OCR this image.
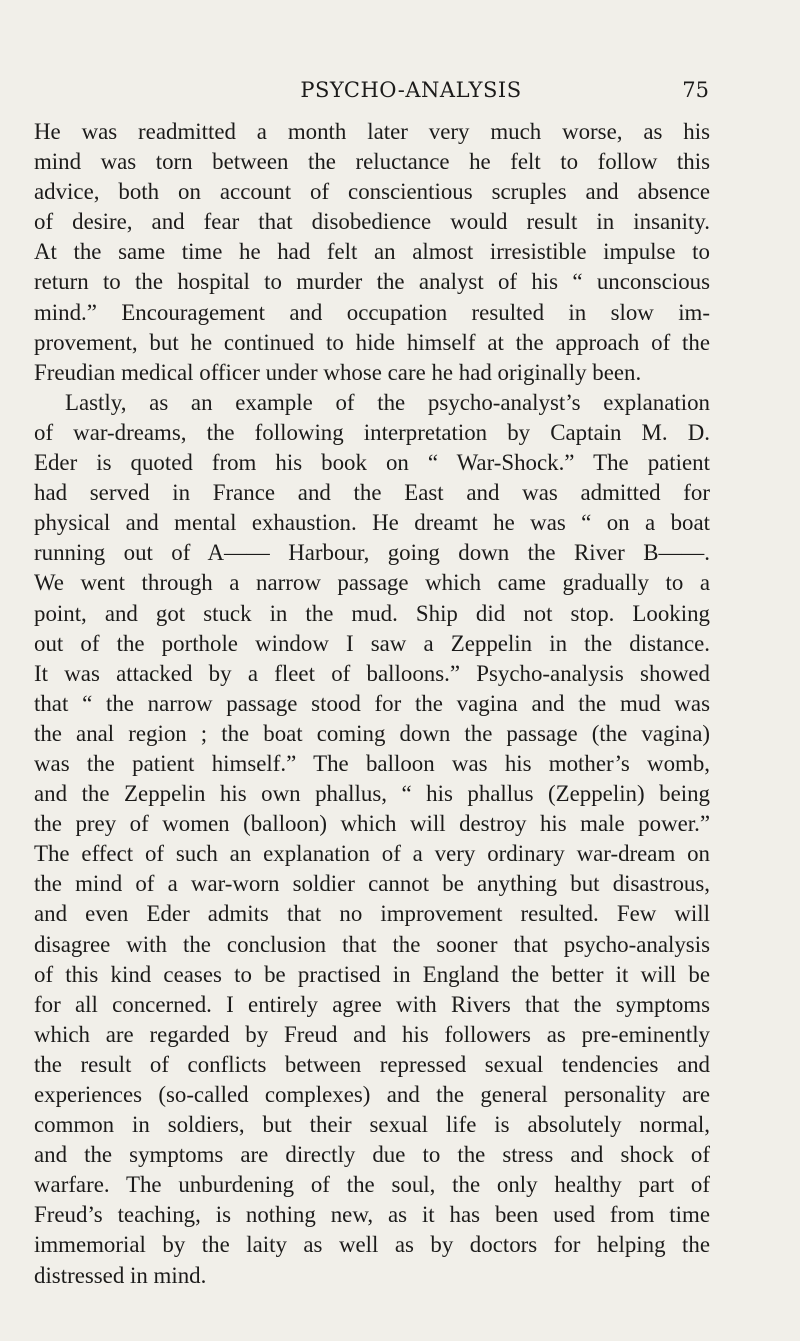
PSYCHO-ANALYSIS	75
He was readmitted a month later very much worse, as his
mind was torn between the reluctance he felt to follow this
advice, both on account of conscientious scruples and absence
of desire, and fear that disobedience would result in insanity.
At the same time he had felt an almost irresistible impulse to
return to the hospital to murder the analyst of his “ unconscious
mind.” Encouragement and occupation resulted in slow im-
provement, but he continued to hide himself at the approach of the
Freudian medical officer under whose care he had originally been.
Lastly, as an example of the psycho-analyst’s explanation
of war-dreams, the following interpretation by Captain M. D.
Eder is quoted from his book on “ War-Shock.” The patient
had served in France and the East and was admitted for
physical and mental exhaustion. He dreamt he was “ on a boat
running out of A—— Harbour, going down the River B——.
We went through a narrow passage which came gradually to a
point, and got stuck in the mud. Ship did not stop. Looking
out of the porthole window I saw a Zeppelin in the distance.
It was attacked by a fleet of balloons.” Psycho-analysis showed
that “ the narrow passage stood for the vagina and the mud was
the anal region ; the boat coming down the passage (the vagina)
was the patient himself.” The balloon was his mother’s womb,
and the Zeppelin his own phallus, “ his phallus (Zeppelin) being
the prey of women (balloon) which will destroy his male power.”
The effect of such an explanation of a very ordinary war-dream on
the mind of a war-worn soldier cannot be anything but disastrous,
and even Eder admits that no improvement resulted. Few will
disagree with the conclusion that the sooner that psycho-analysis
of this kind ceases to be practised in England the better it will be
for all concerned. I entirely agree with Rivers that the symptoms
which are regarded by Freud and his followers as pre-eminently
the result of conflicts between repressed sexual tendencies and
experiences (so-called complexes) and the general personality are
common in soldiers, but their sexual life is absolutely normal,
and the symptoms are directly due to the stress and shock of
warfare. The unburdening of the soul, the only healthy part of
Freud’s teaching, is nothing new, as it has been used from time
immemorial by the laity as well as by doctors for helping the
distressed in mind.
